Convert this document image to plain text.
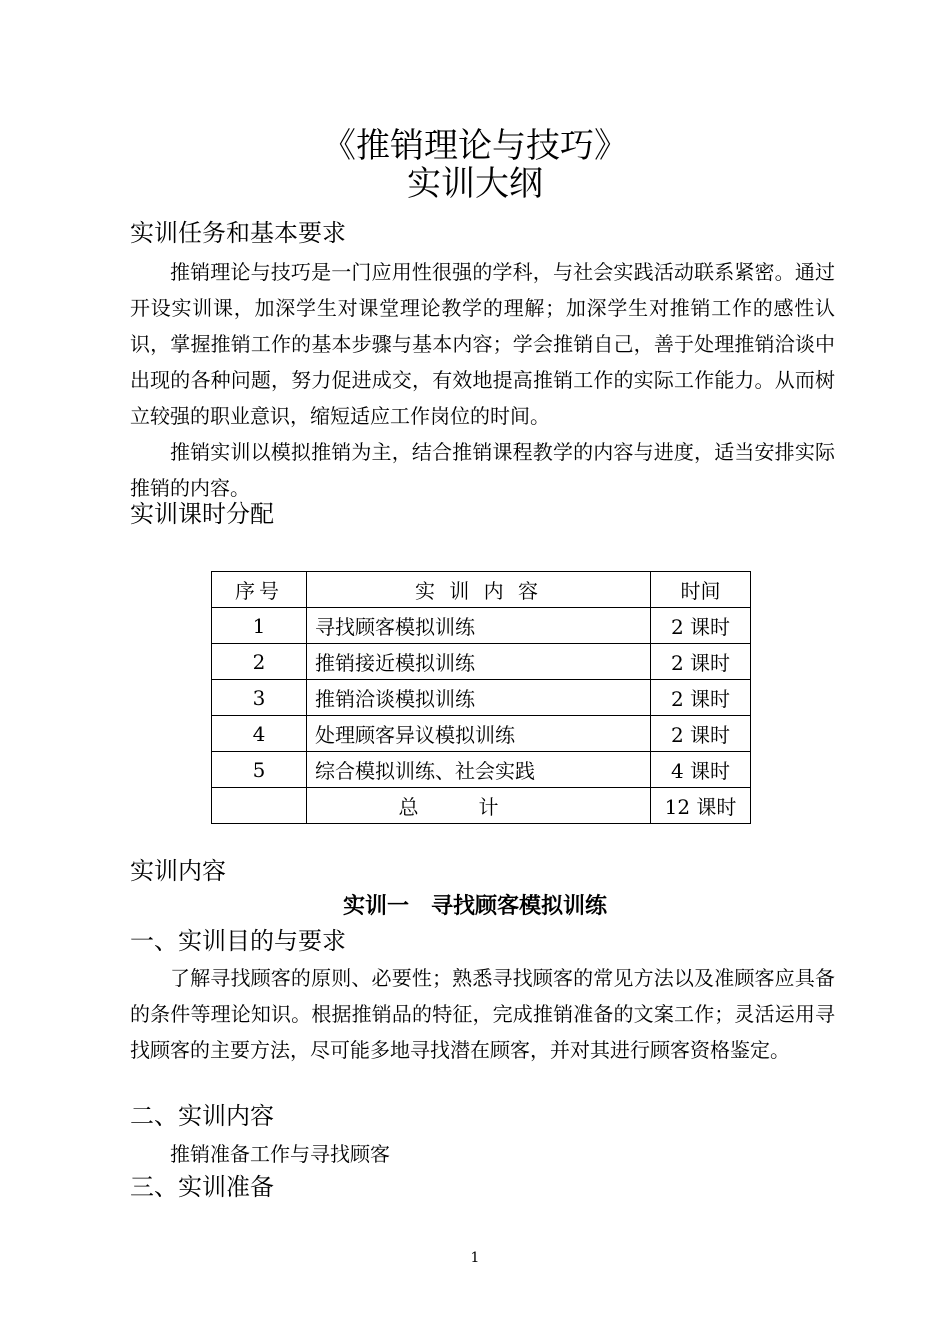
《推销理论与技巧》
实训大纲
实训任务和基本要求
推销理论与技巧是一门应用性很强的学科，与社会实践活动联系紧密。通过开设实训课，加深学生对课堂理论教学的理解；加深学生对推销工作的感性认识，掌握推销工作的基本步骤与基本内容；学会推销自己，善于处理推销洽谈中出现的各种问题，努力促进成交，有效地提高推销工作的实际工作能力。从而树立较强的职业意识，缩短适应工作岗位的时间。
推销实训以模拟推销为主，结合推销课程教学的内容与进度，适当安排实际推销的内容。
实训课时分配
序号	实 训 内 容	时间
1	寻找顾客模拟训练	2 课时
2	推销接近模拟训练	2 课时
3	推销洽谈模拟训练	2 课时
4	处理顾客异议模拟训练	2 课时
5	综合模拟训练、社会实践	4 课时
	总计	12 课时
实训内容
实训一　寻找顾客模拟训练
一、实训目的与要求
了解寻找顾客的原则、必要性；熟悉寻找顾客的常见方法以及准顾客应具备的条件等理论知识。根据推销品的特征，完成推销准备的文案工作；灵活运用寻找顾客的主要方法，尽可能多地寻找潜在顾客，并对其进行顾客资格鉴定。
二、实训内容
推销准备工作与寻找顾客
三、实训准备
1
